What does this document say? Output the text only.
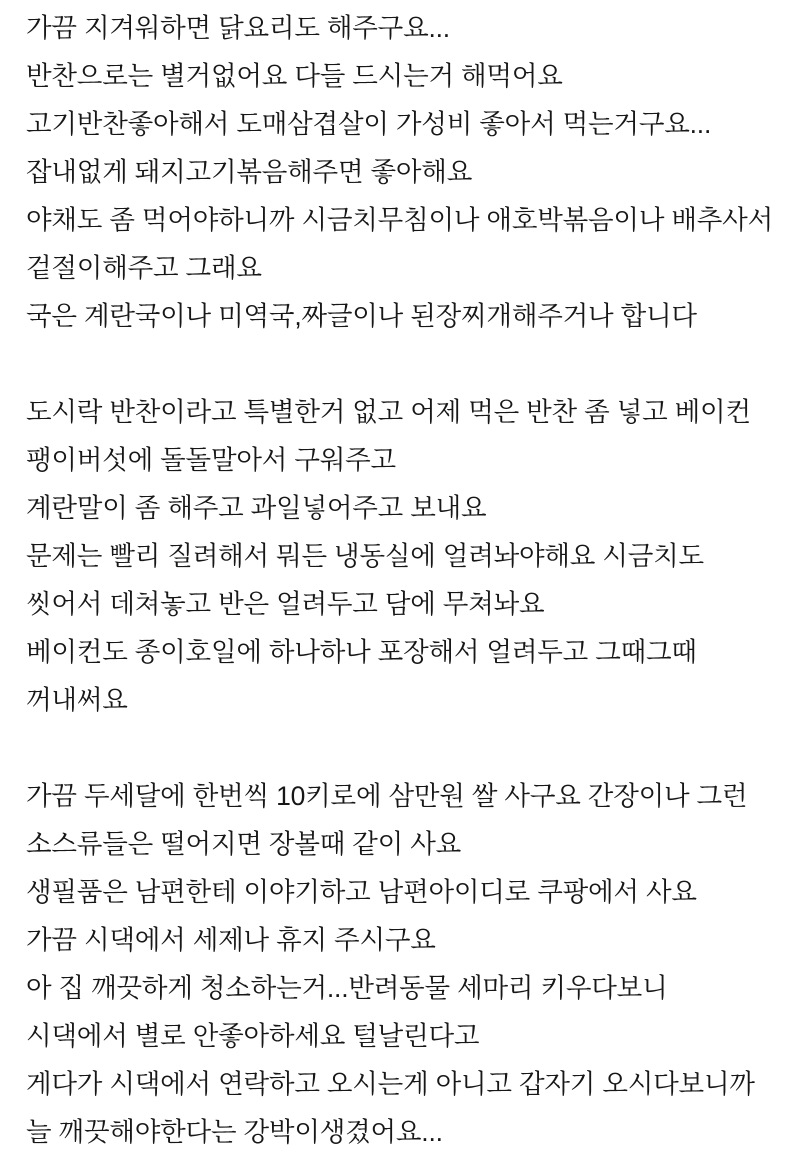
가끔 지겨워하면 닭요리도 해주구요...

반찬으로는 별거없어요 다들 드시는거 해먹어요

고기반찬좋아해서 도매삼겹살이 가성비 좋아서 먹는거구요...잡내없게 돼지고기볶음해주면 좋아해요

야채도 좀 먹어야하니까 시금치무침이나 애호박볶음이나 배추사서 겉절이해주고 그래요

국은 계란국이나 미역국,짜글이나 된장찌개해주거나 합니다

도시락 반찬이라고 특별한거 없고 어제 먹은 반찬 좀 넣고 베이컨 팽이버섯에 돌돌말아서 구워주고

계란말이 좀 해주고 과일넣어주고 보내요

문제는 빨리 질려해서 뭐든 냉동실에 얼려놔야해요 시금치도 씻어서 데쳐놓고 반은 얼려두고 담에 무쳐놔요

베이컨도 종이호일에 하나하나 포장해서 얼려두고 그때그때 꺼내써요

가끔 두세달에 한번씩 10키로에 삼만원 쌀 사구요 간장이나 그런 소스류들은 떨어지면 장볼때 같이 사요

생필품은 남편한테 이야기하고 남편아이디로 쿠팡에서 사요

가끔 시댁에서 세제나 휴지 주시구요

아 집 깨끗하게 청소하는거...반려동물 세마리 키우다보니 시댁에서 별로 안좋아하세요 털날린다고

게다가 시댁에서 연락하고 오시는게 아니고 갑자기 오시다보니까 늘 깨끗해야한다는 강박이생겼어요...
